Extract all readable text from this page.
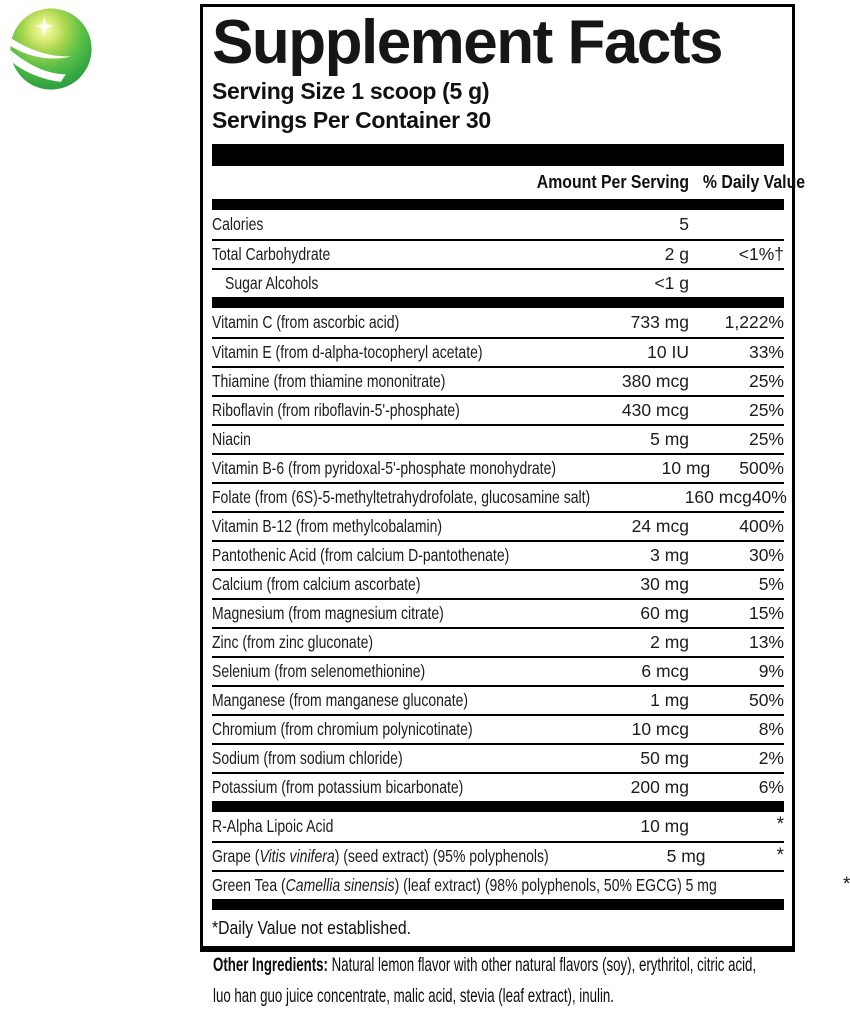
Supplement Facts
Serving Size 1 scoop (5 g)
Servings Per Container 30
Amount Per Serving % Daily Value
Calories	5
Total Carbohydrate	2 g	<1%†
Sugar Alcohols	<1 g
Vitamin C (from ascorbic acid)	733 mg	1,222%
Vitamin E (from d-alpha-tocopheryl acetate)	10 IU	33%
Thiamine (from thiamine mononitrate)	380 mcg	25%
Riboflavin (from riboflavin-5'-phosphate)	430 mcg	25%
Niacin	5 mg	25%
Vitamin B-6 (from pyridoxal-5'-phosphate monohydrate)	10 mg	500%
Folate (from (6S)-5-methyltetrahydrofolate, glucosamine salt)	160 mcg 40%
Vitamin B-12 (from methylcobalamin)	24 mcg	400%
Pantothenic Acid (from calcium D-pantothenate)	3 mg	30%
Calcium (from calcium ascorbate)	30 mg	5%
Magnesium (from magnesium citrate)	60 mg	15%
Zinc (from zinc gluconate)	2 mg	13%
Selenium (from selenomethionine)	6 mcg	9%
Manganese (from manganese gluconate)	1 mg	50%
Chromium (from chromium polynicotinate)	10 mcg	8%
Sodium (from sodium chloride)	50 mg	2%
Potassium (from potassium bicarbonate)	200 mg	6%
R-Alpha Lipoic Acid	10 mg	*
Grape (Vitis vinifera) (seed extract) (95% polyphenols)	5 mg	*
Green Tea (Camellia sinensis) (leaf extract) (98% polyphenols, 50% EGCG) 5 mg	*
*Daily Value not established.

Other Ingredients: Natural lemon flavor with other natural flavors (soy), erythritol, citric acid, luo han guo juice concentrate, malic acid, stevia (leaf extract), inulin.
